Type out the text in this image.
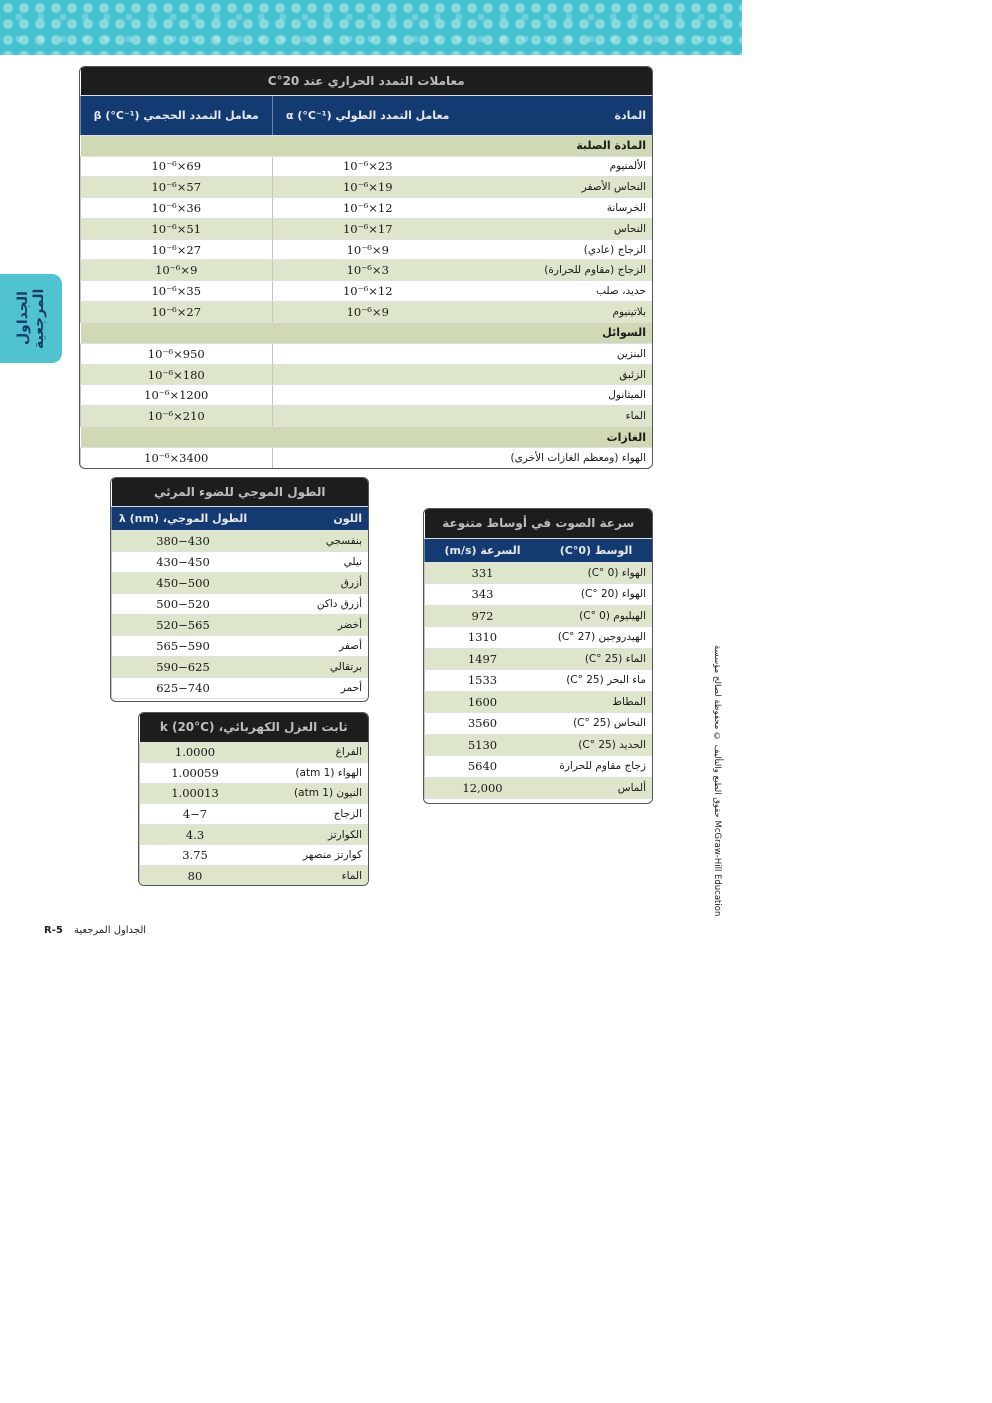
الجداول المرجعية
حقوق الطبع والتأليف © محفوظة لصالح مؤسسة McGraw-Hill Education
R-5 الجداول المرجعية
معاملات التمدد الحراري عند 20°C		
المادة	معامل التمدد الطولي α (°C⁻¹)	معامل التمدد الحجمي β (°C⁻¹)
المادة الصلبة		
الألمنيوم	23×10⁻⁶	69×10⁻⁶
النحاس الأصفر	19×10⁻⁶	57×10⁻⁶
الخرسانة	12×10⁻⁶	36×10⁻⁶
النحاس	17×10⁻⁶	51×10⁻⁶
الزجاج (عادي)	9×10⁻⁶	27×10⁻⁶
الزجاج (مقاوم للحرارة)	3×10⁻⁶	9×10⁻⁶
حديد، صلب	12×10⁻⁶	35×10⁻⁶
بلاتينيوم	9×10⁻⁶	27×10⁻⁶
السوائل		
البنزين		950×10⁻⁶
الزئبق		180×10⁻⁶
الميثانول		1200×10⁻⁶
الماء		210×10⁻⁶
الغازات		
الهواء (ومعظم الغازات الأخرى)		3400×10⁻⁶
الطول الموجي للضوء المرئي	
اللون	الطول الموجي، λ (nm)
بنفسجي	380−430
نيلي	430−450
أزرق	450−500
أزرق داكن	500−520
أخضر	520−565
أصفر	565−590
برتقالي	590−625
أحمر	625−740
ثابت العزل الكهربائي، k (20°C)	
الفراغ	1.0000
الهواء (1 atm)	1.00059
النيون (1 atm)	1.00013
الزجاج	4−7
الكوارتز	4.3
كوارتز منصهر	3.75
الماء	80
سرعة الصوت في أوساط متنوعة	
الوسط (0°C)	السرعة (m/s)
الهواء (0 °C)	331
الهواء (20 °C)	343
الهيليوم (0 °C)	972
الهيدروجين (27 °C)	1310
الماء (25 °C)	1497
ماء البحر (25 °C)	1533
المطاط	1600
النحاس (25 °C)	3560
الحديد (25 °C)	5130
زجاج مقاوم للحرارة	5640
ألماس	12,000
